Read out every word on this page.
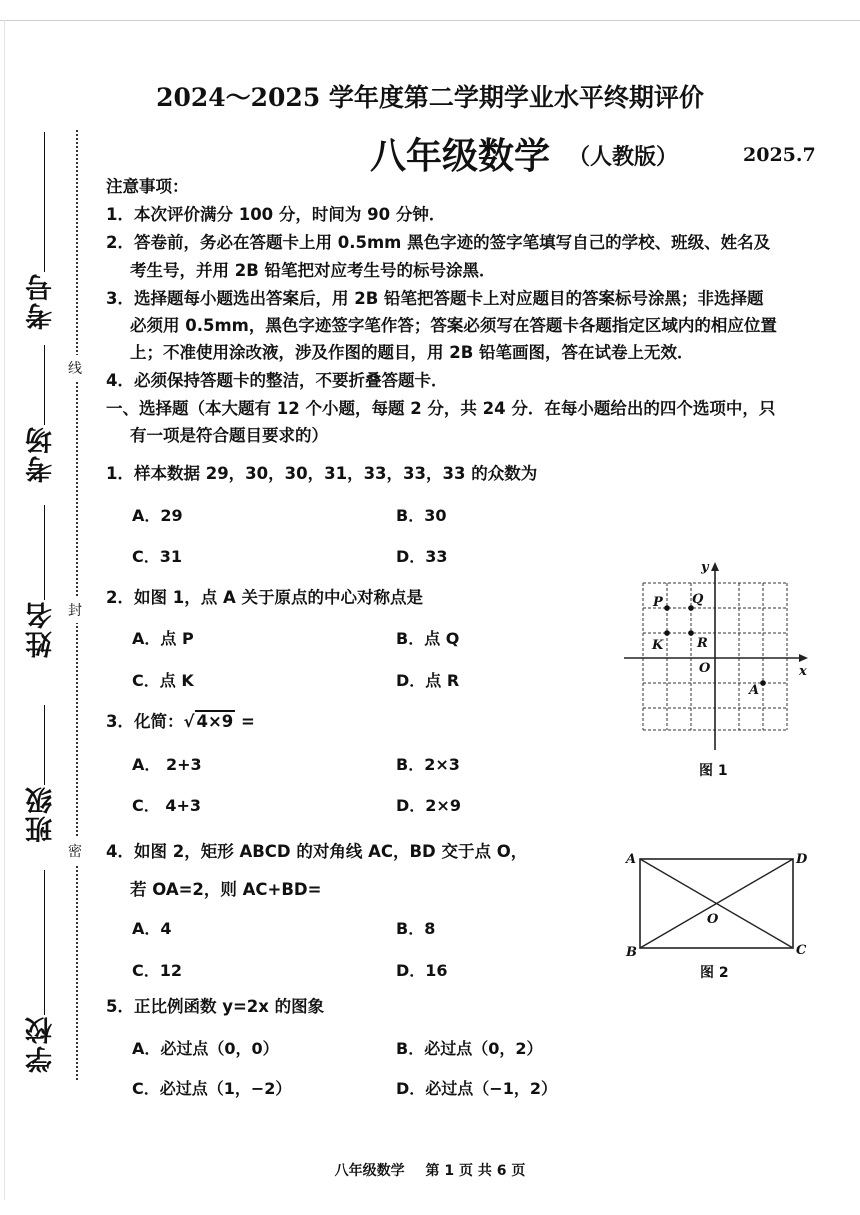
线
封
密
考号
考场
姓名
班级
学校
2024～2025 学年度第二学期学业水平终期评价
八年级数学 （人教版）	2025.7
注意事项：
1．本次评价满分 100 分，时间为 90 分钟．
2．答卷前，务必在答题卡上用 0.5mm 黑色字迹的签字笔填写自己的学校、班级、姓名及
考生号，并用 2B 铅笔把对应考生号的标号涂黑．
3．选择题每小题选出答案后，用 2B 铅笔把答题卡上对应题目的答案标号涂黑；非选择题
必须用 0.5mm，黑色字迹签字笔作答；答案必须写在答题卡各题指定区域内的相应位置
上；不准使用涂改液，涉及作图的题目，用 2B 铅笔画图，答在试卷上无效．
4．必须保持答题卡的整洁，不要折叠答题卡．
一、选择题（本大题有 12 个小题，每题 2 分，共 24 分．在每小题给出的四个选项中，只
有一项是符合题目要求的）
1．样本数据 29，30，30，31，33，33，33 的众数为
A．29	B．30
C．31	D．33
2．如图 1，点 A 关于原点的中心对称点是
A．点 P	B．点 Q
C．点 K	D．点 R
3．化简：√ 4×9 =
A． 2+3	B．2×3
C． 4+3	D．2×9
4．如图 2，矩形 ABCD 的对角线 AC，BD 交于点 O，
若 OA=2，则 AC+BD=
A．4	B．8
C．12	D．16
5．正比例函数 y=2x 的图象
A．必过点（0，0）	B．必过点（0，2）
C．必过点（1，−2）	D．必过点（−1，2）
x
y
O
P Q
K	R
A
图 1
A	D
B	C
O
图 2
八年级数学 第 1 页 共 6 页
